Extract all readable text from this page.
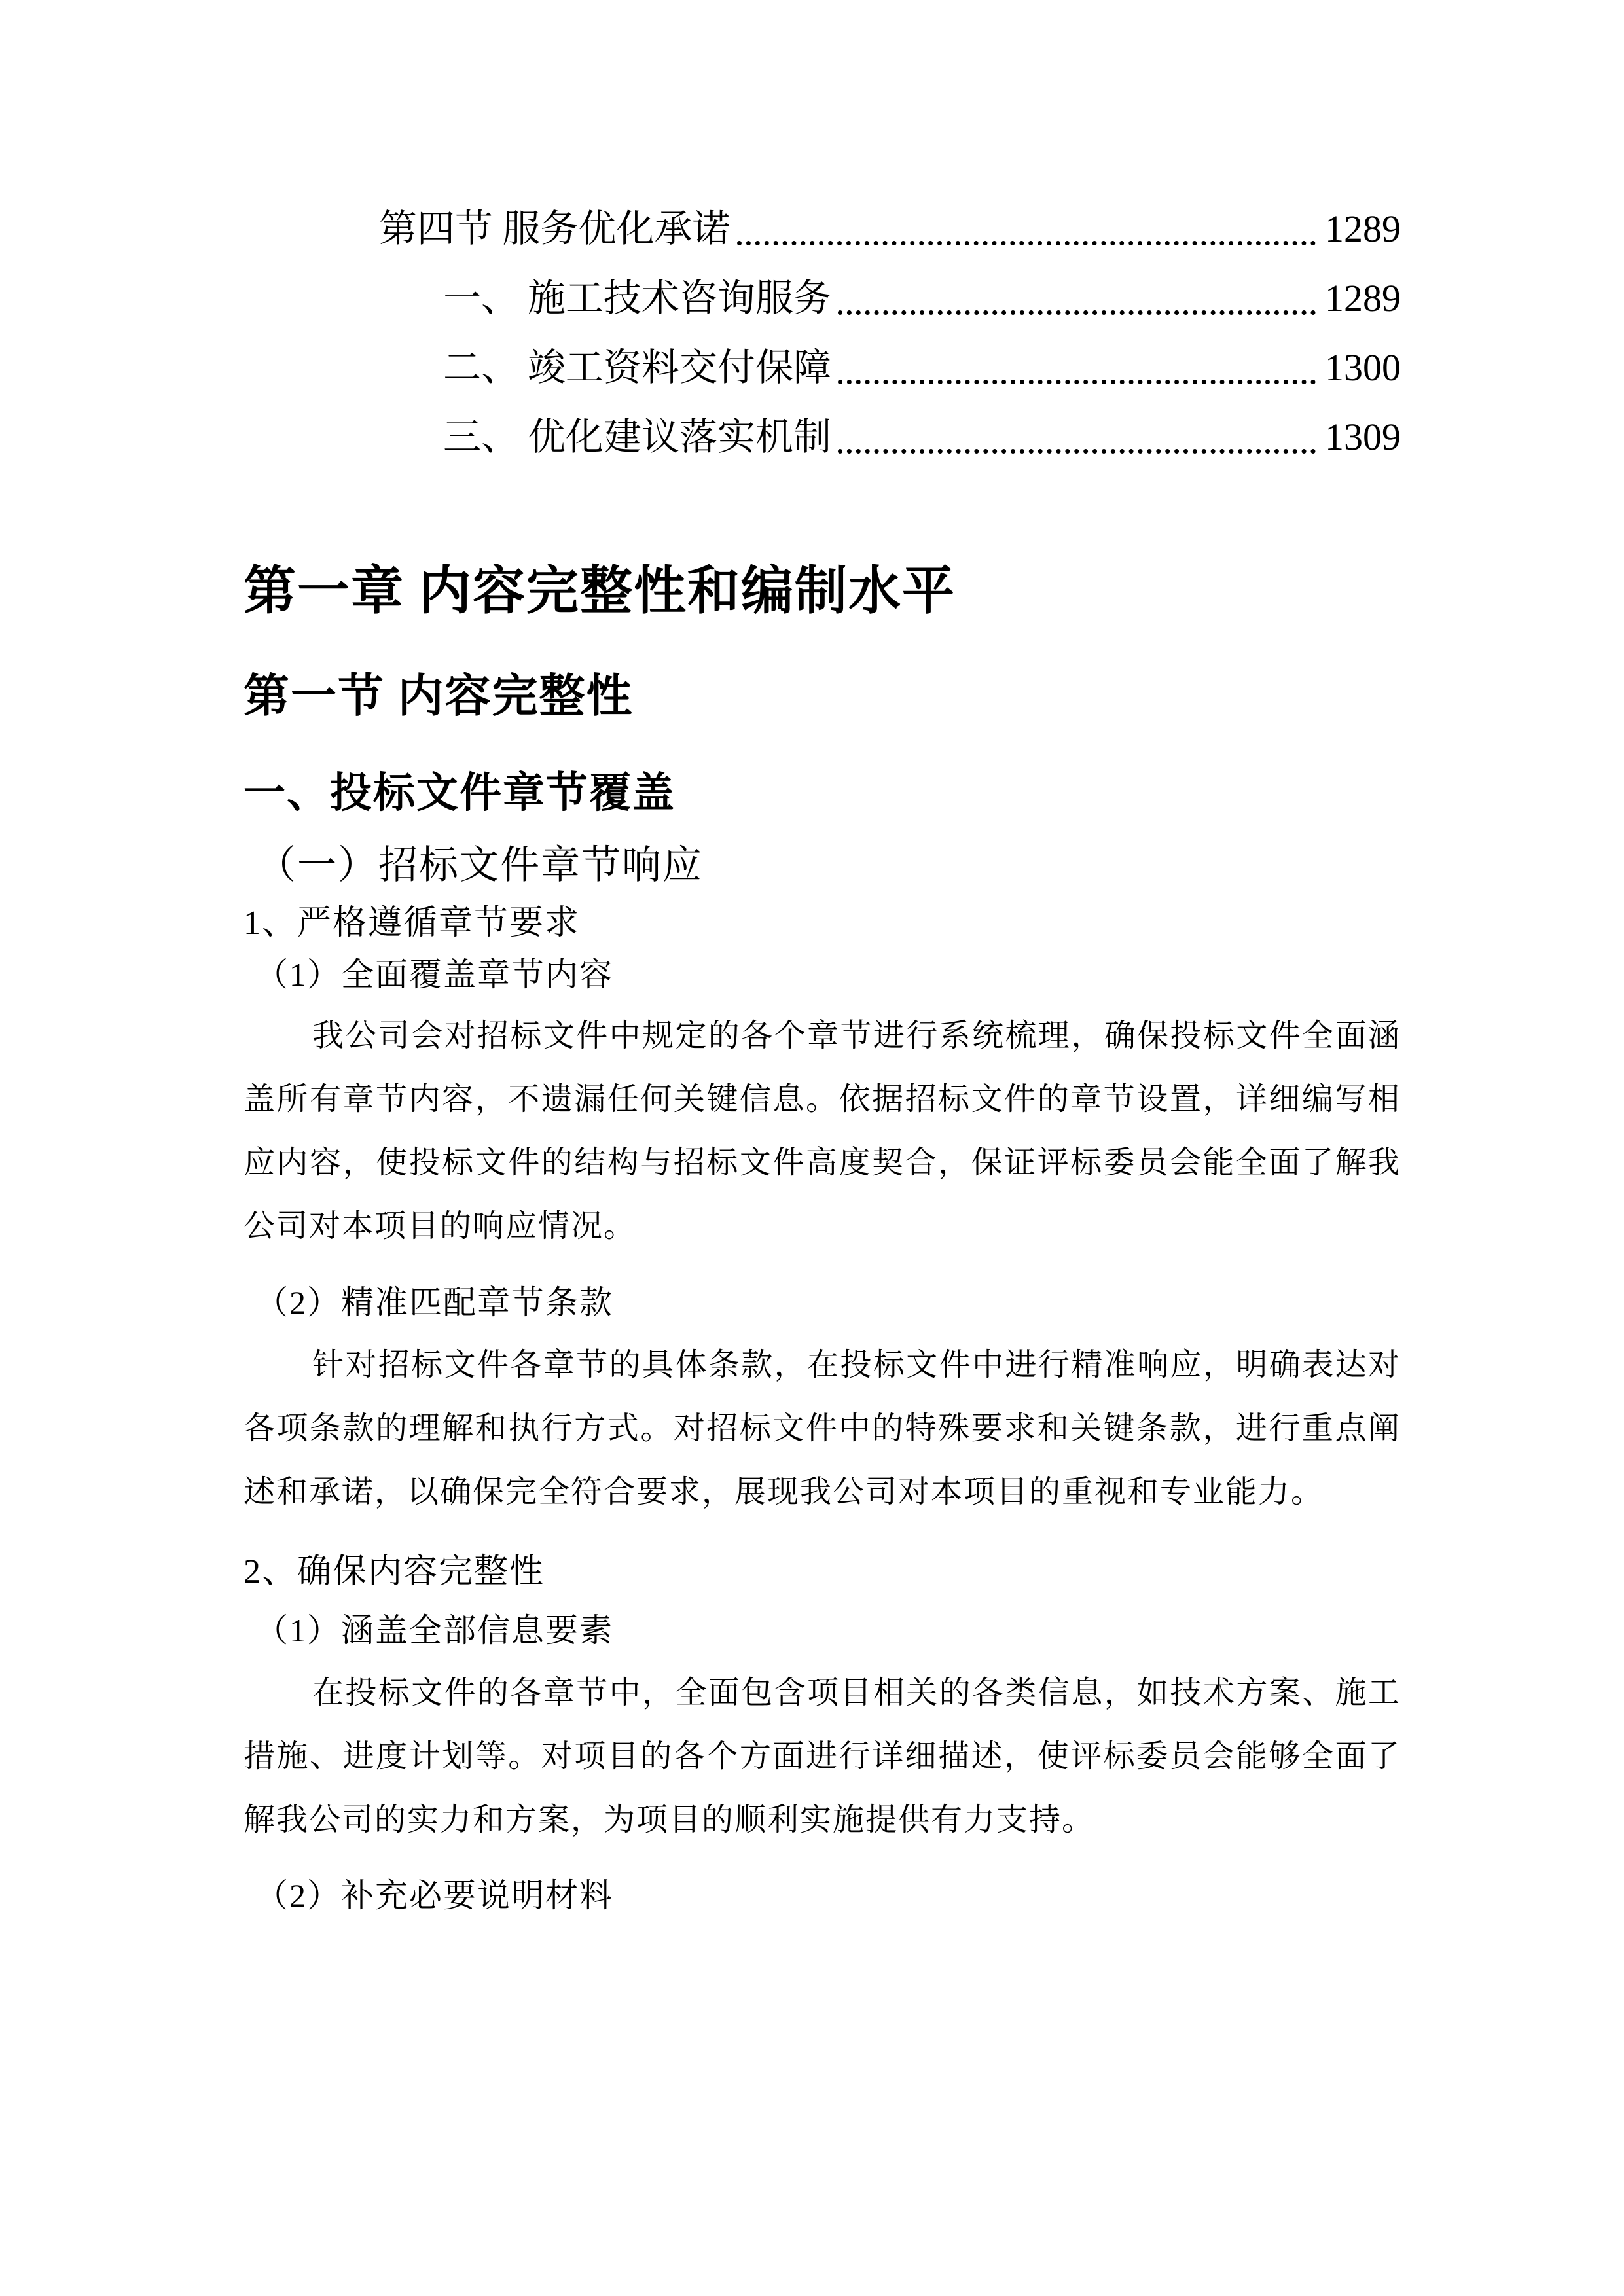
第四节 服务优化承诺	1289
一、 施工技术咨询服务	1289
二、 竣工资料交付保障	1300
三、 优化建议落实机制	1309
第一章 内容完整性和编制水平
第一节 内容完整性
一、投标文件章节覆盖
（一）招标文件章节响应
1、严格遵循章节要求
（1）全面覆盖章节内容
我公司会对招标文件中规定的各个章节进行系统梳理，确保投标文件全面涵盖所有章节内容，不遗漏任何关键信息。依据招标文件的章节设置，详细编写相应内容，使投标文件的结构与招标文件高度契合，保证评标委员会能全面了解我公司对本项目的响应情况。
（2）精准匹配章节条款
针对招标文件各章节的具体条款，在投标文件中进行精准响应，明确表达对各项条款的理解和执行方式。对招标文件中的特殊要求和关键条款，进行重点阐述和承诺，以确保完全符合要求，展现我公司对本项目的重视和专业能力。
2、确保内容完整性
（1）涵盖全部信息要素
在投标文件的各章节中，全面包含项目相关的各类信息，如技术方案、施工措施、进度计划等。对项目的各个方面进行详细描述，使评标委员会能够全面了解我公司的实力和方案，为项目的顺利实施提供有力支持。
（2）补充必要说明材料
